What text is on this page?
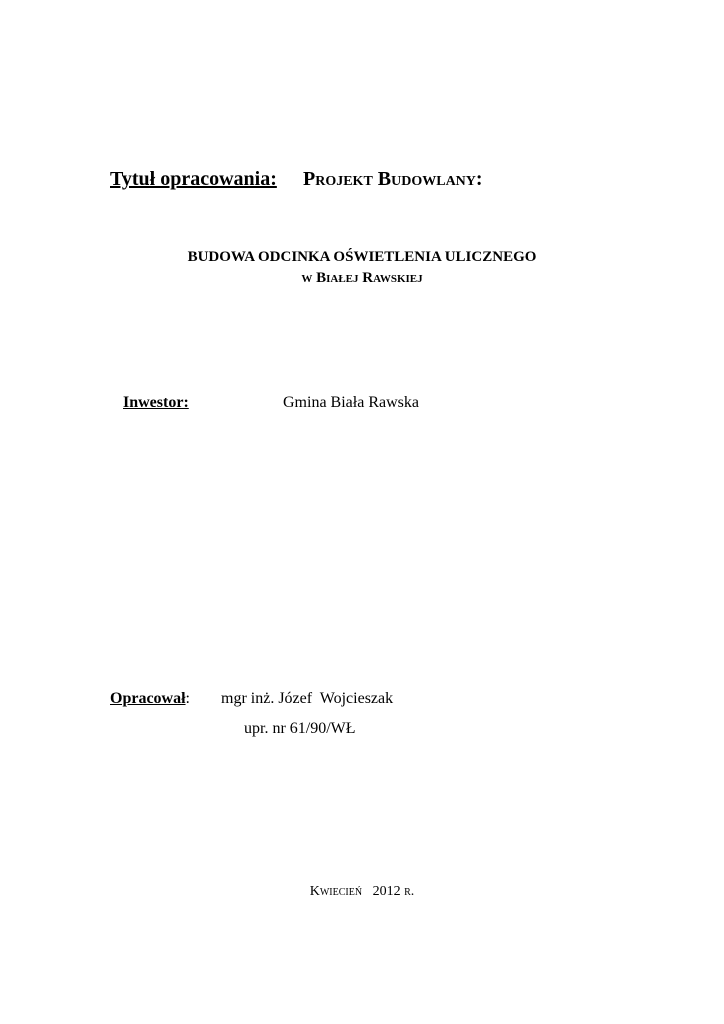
Tytuł opracowania: Projekt Budowlany:
BUDOWA ODCINKA OŚWIETLENIA ULICZNEGO
w Białej Rawskiej
Inwestor:	Gmina Biała Rawska
Opracował: mgr inż. Józef  Wojcieszak
upr. nr 61/90/WŁ
Kwiecień   2012 r.
